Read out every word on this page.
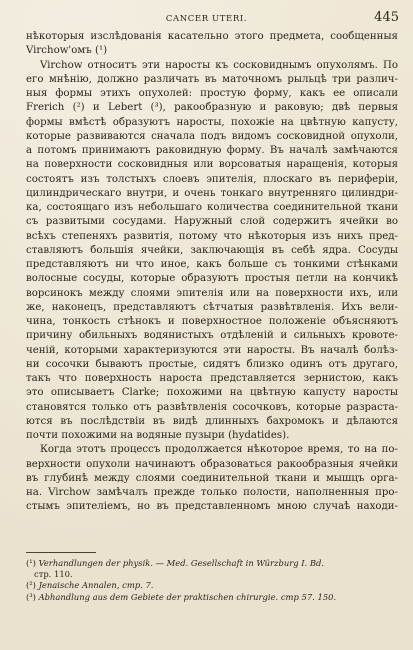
CANCER UTERI.	445
нѣкоторыя изслѣдованія касательно этого предмета, сообщенныя
Virchow'омъ (¹)
Virchow относитъ эти наросты къ сосковиднымъ опухолямъ. По
его мнѣнію, должно различать въ маточномъ рыльцѣ три различ-
ныя формы этихъ опухолей: простую форму, какъ ее описали
Frerich (²) и Lebert (³), ракообразную и раковую; двѣ первыя
формы вмѣстѣ образуютъ наросты, похожіе на цвѣтную капусту,
которые развиваются сначала подъ видомъ сосковидной опухоли,
а потомъ принимаютъ раковидную форму. Въ началѣ замѣчаются
на поверхности сосковидныя или ворсоватыя наращенія, которыя
состоятъ изъ толстыхъ слоевъ эпителія, плоскаго въ периферіи,
цилиндрическаго внутри, и очень тонкаго внутренняго цилиндри-
ка, состоящаго изъ небольшаго количества соединительной ткани
съ развитыми сосудами. Наружный слой содержитъ ячейки во
всѣхъ степеняхъ развитія, потому что нѣкоторыя изъ нихъ пред-
ставляютъ большія ячейки, заключающія въ себѣ ядра. Сосуды
представляютъ ни что иное, какъ больше съ тонкими стѣнками
волосные сосуды, которые образуютъ простыя петли на кончикѣ
ворсинокъ между слоями эпителія или на поверхности ихъ, или
же, наконецъ, представляютъ сѣтчатыя развѣтвленія. Ихъ вели-
чина, тонкость стѣнокъ и поверхностное положеніе объясняютъ
причину обильныхъ водянистыхъ отдѣленій и сильныхъ кровоте-
ченій, которыми характеризуются эти наросты. Въ началѣ болѣз-
ни сосочки бываютъ простые, сидятъ близко одинъ отъ другаго,
такъ что поверхность нароста представляется зернистою, какъ
это описываетъ Clarke; похожими на цвѣтную капусту наросты
становятся только отъ развѣтвленія сосочковъ, которые разраста-
ются въ послѣдствіи въ видѣ длинныхъ бахромокъ и дѣлаются
почти похожими на водяные пузыри (hydatides).
Когда этотъ процессъ продолжается нѣкоторое время, то на по-
верхности опухоли начинаютъ образоваться ракообразныя ячейки
въ глубинѣ между слоями соединительной ткани и мышцъ орга-
на. Virchow замѣчалъ прежде только полости, наполненныя про-
стымъ эпителіемъ, но въ представленномъ мною случаѣ находи-
(¹) Verhandlungen der physik. — Med. Gesellschaft in Würzburg I. Bd.
стр. 110.
(²) Jenaische Annalen, стр. 7.
(³) Abhandlung aus dem Gebiete der praktischen chirurgie. стр 57. 150.
